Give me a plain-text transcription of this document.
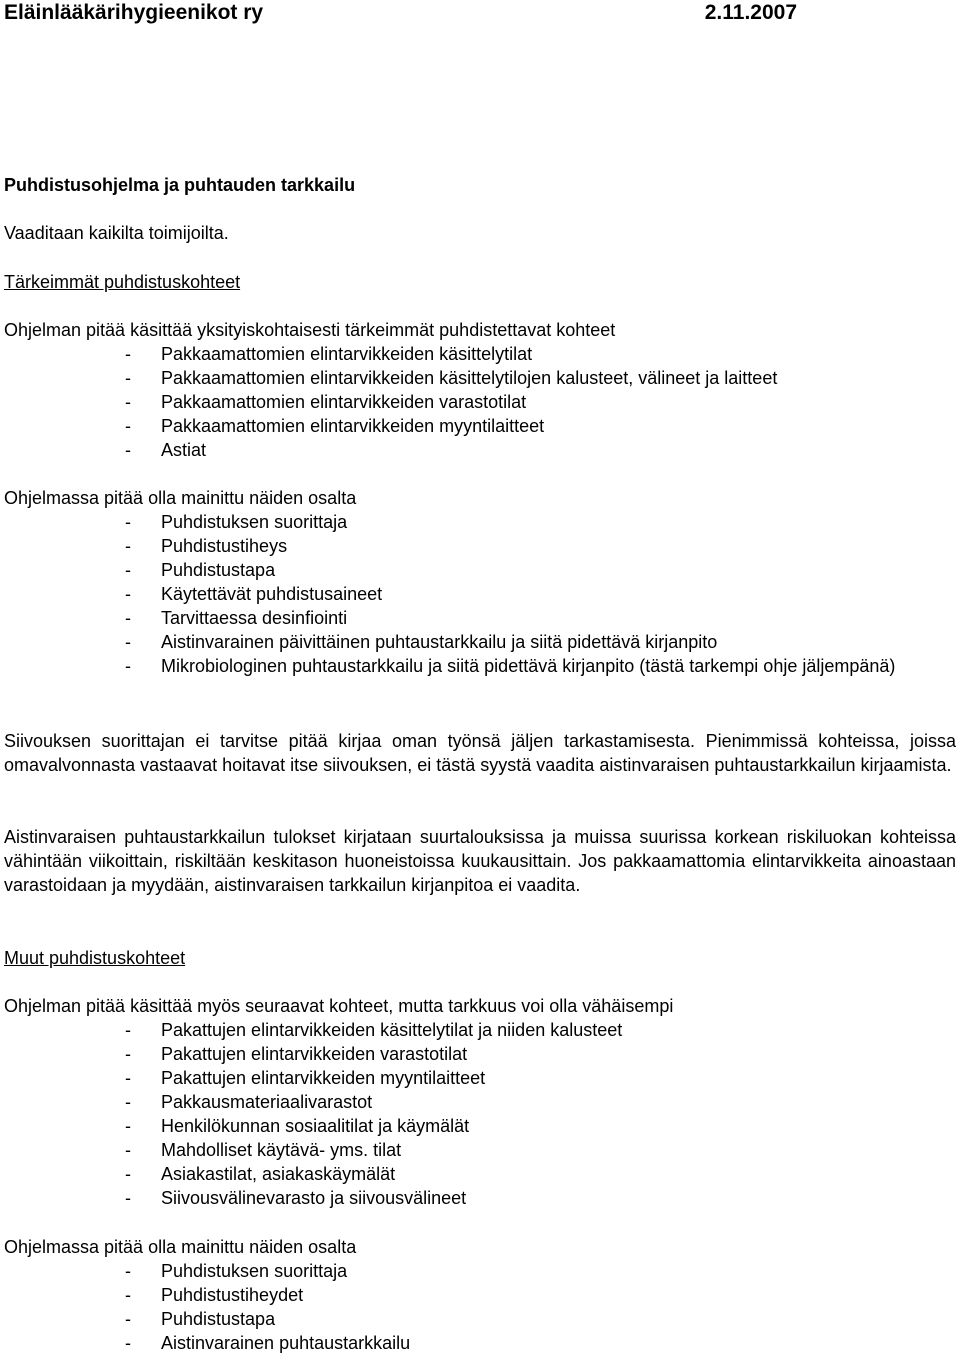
Eläinlääkärihygieenikot ry	2.11.2007
Puhdistusohjelma ja puhtauden tarkkailu
Vaaditaan kaikilta toimijoilta.
Tärkeimmät puhdistuskohteet
Ohjelman pitää käsittää yksityiskohtaisesti tärkeimmät puhdistettavat kohteet
- Pakkaamattomien elintarvikkeiden käsittelytilat
- Pakkaamattomien elintarvikkeiden käsittelytilojen kalusteet, välineet ja laitteet
- Pakkaamattomien elintarvikkeiden varastotilat
- Pakkaamattomien elintarvikkeiden myyntilaitteet
- Astiat
Ohjelmassa pitää olla mainittu näiden osalta
- Puhdistuksen suorittaja
- Puhdistustiheys
- Puhdistustapa
- Käytettävät puhdistusaineet
- Tarvittaessa desinfiointi
- Aistinvarainen päivittäinen puhtaustarkkailu ja siitä pidettävä kirjanpito
- Mikrobiologinen puhtaustarkkailu ja siitä pidettävä kirjanpito (tästä tarkempi ohje jäljempänä)
Siivouksen suorittajan ei tarvitse pitää kirjaa oman työnsä jäljen tarkastamisesta. Pienimmissä kohteissa, joissa omavalvonnasta vastaavat hoitavat itse siivouksen, ei tästä syystä vaadita aistinvaraisen puhtaustarkkailun kirjaamista.
Aistinvaraisen puhtaustarkkailun tulokset kirjataan suurtalouksissa ja muissa suurissa korkean riskiluokan kohteissa vähintään viikoittain, riskiltään keskitason huoneistoissa kuukausittain. Jos pakkaamattomia elintarvikkeita ainoastaan varastoidaan ja myydään, aistinvaraisen tarkkailun kirjanpitoa ei vaadita.
Muut puhdistuskohteet
Ohjelman pitää käsittää myös seuraavat kohteet, mutta tarkkuus voi olla vähäisempi
- Pakattujen elintarvikkeiden käsittelytilat ja niiden kalusteet
- Pakattujen elintarvikkeiden varastotilat
- Pakattujen elintarvikkeiden myyntilaitteet
- Pakkausmateriaalivarastot
- Henkilökunnan sosiaalitilat ja käymälät
- Mahdolliset käytävä- yms. tilat
- Asiakastilat, asiakaskäymälät
- Siivousvälinevarasto ja siivousvälineet
Ohjelmassa pitää olla mainittu näiden osalta
- Puhdistuksen suorittaja
- Puhdistustiheydet
- Puhdistustapa
- Aistinvarainen puhtaustarkkailu
